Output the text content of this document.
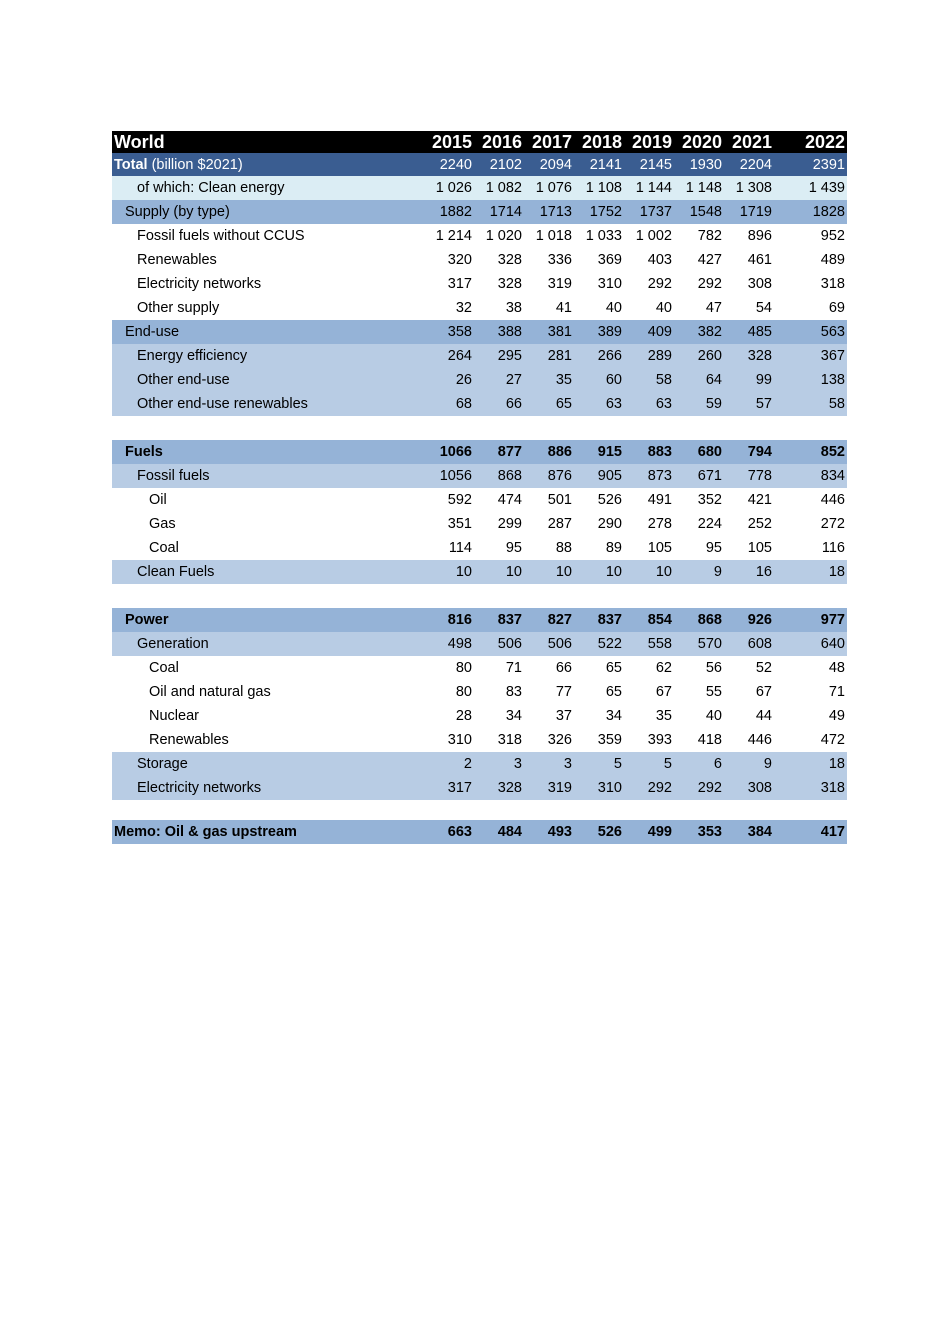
World	2015	2016	2017	2018	2019	2020	2021	2022
Total (billion $2021)	2240	2102	2094	2141	2145	1930	2204	2391
of which: Clean energy	1 026	1 082	1 076	1 108	1 144	1 148	1 308	1 439
Supply (by type)	1882	1714	1713	1752	1737	1548	1719	1828
Fossil fuels without CCUS	1 214	1 020	1 018	1 033	1 002	782	896	952
Renewables	320	328	336	369	403	427	461	489
Electricity networks	317	328	319	310	292	292	308	318
Other supply	32	38	41	40	40	47	54	69
End-use	358	388	381	389	409	382	485	563
Energy efficiency	264	295	281	266	289	260	328	367
Other end-use	26	27	35	60	58	64	99	138
Other end-use renewables	68	66	65	63	63	59	57	58

Fuels	1066	877	886	915	883	680	794	852
Fossil fuels	1056	868	876	905	873	671	778	834
Oil	592	474	501	526	491	352	421	446
Gas	351	299	287	290	278	224	252	272
Coal	114	95	88	89	105	95	105	116
Clean Fuels	10	10	10	10	10	9	16	18

Power	816	837	827	837	854	868	926	977
Generation	498	506	506	522	558	570	608	640
Coal	80	71	66	65	62	56	52	48
Oil and natural gas	80	83	77	65	67	55	67	71
Nuclear	28	34	37	34	35	40	44	49
Renewables	310	318	326	359	393	418	446	472
Storage	2	3	3	5	5	6	9	18
Electricity networks	317	328	319	310	292	292	308	318

Memo: Oil & gas upstream	663	484	493	526	499	353	384	417
